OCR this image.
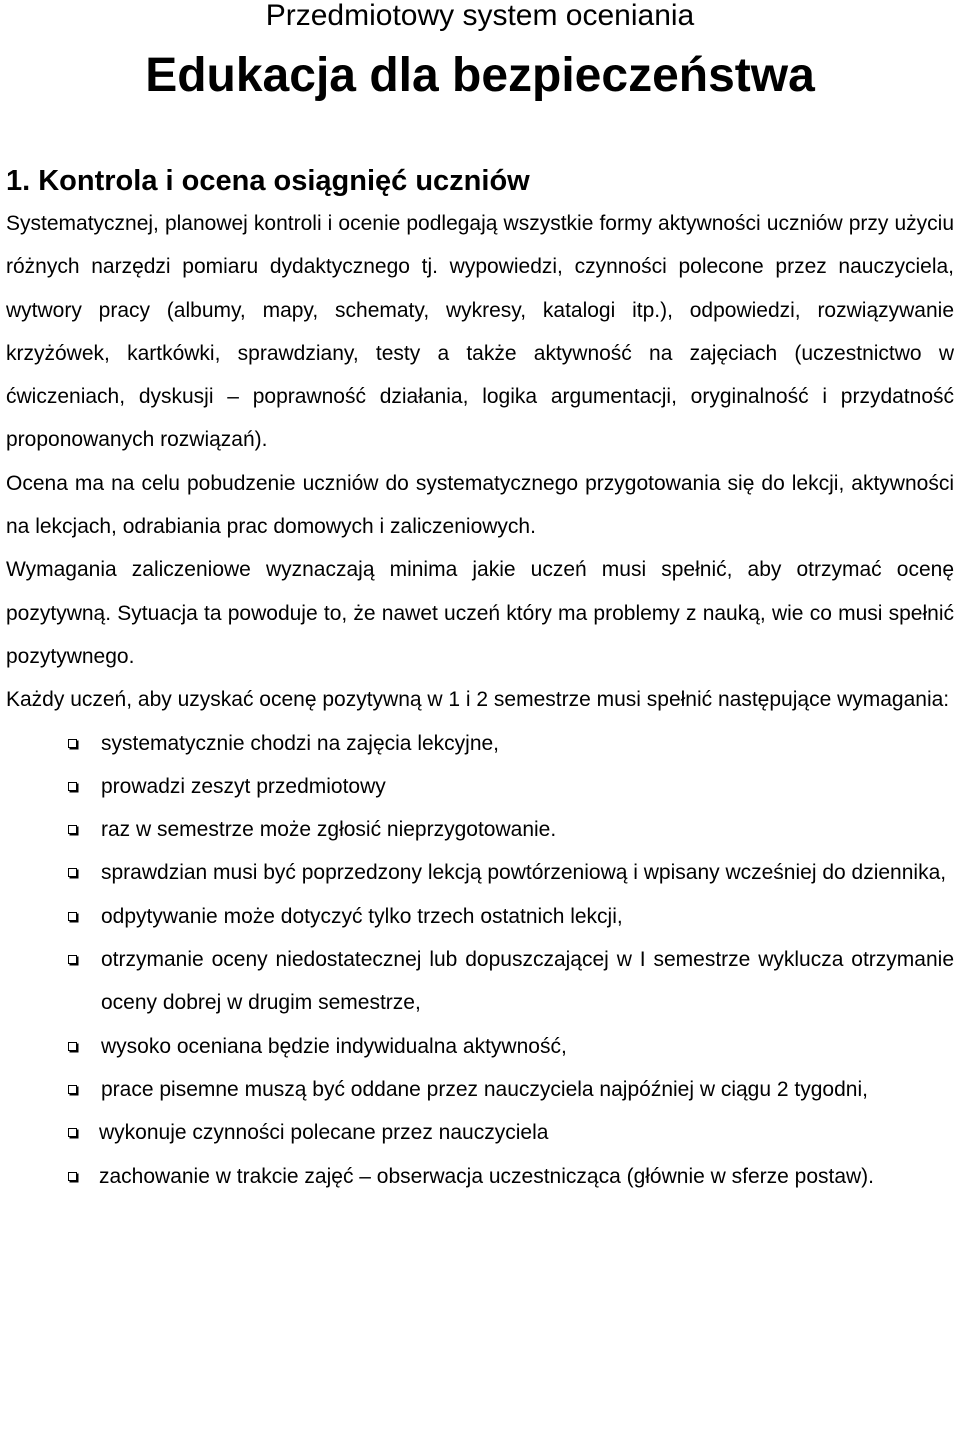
Przedmiotowy system oceniania
Edukacja dla bezpieczeństwa
1. Kontrola i ocena osiągnięć uczniów

Systematycznej, planowej kontroli i ocenie podlegają wszystkie formy aktywności uczniów przy użyciu różnych narzędzi pomiaru dydaktycznego tj. wypowiedzi, czynności polecone przez nauczyciela, wytwory pracy (albumy, mapy, schematy, wykresy, katalogi itp.), odpowiedzi, rozwiązywanie krzyżówek, kartkówki, sprawdziany, testy a także aktywność na zajęciach (uczestnictwo w ćwiczeniach, dyskusji – poprawność działania, logika argumentacji, oryginalność i przydatność proponowanych rozwiązań).

Ocena ma na celu pobudzenie uczniów do systematycznego przygotowania się do lekcji, aktywności na lekcjach, odrabiania prac domowych i zaliczeniowych.

Wymagania zaliczeniowe wyznaczają minima jakie uczeń musi spełnić, aby otrzymać ocenę pozytywną. Sytuacja ta powoduje to, że nawet uczeń który ma problemy z nauką, wie co musi spełnić pozytywnego.

Każdy uczeń, aby uzyskać ocenę pozytywną w 1 i 2 semestrze musi spełnić następujące wymagania:

systematycznie chodzi na zajęcia lekcyjne,
prowadzi zeszyt przedmiotowy
raz w semestrze może zgłosić nieprzygotowanie.
sprawdzian musi być poprzedzony lekcją powtórzeniową i wpisany wcześniej do dziennika,
odpytywanie może dotyczyć tylko trzech ostatnich lekcji,
otrzymanie oceny niedostatecznej lub dopuszczającej w I semestrze wyklucza otrzymanie oceny dobrej w drugim semestrze,
wysoko oceniana będzie indywidualna aktywność,
prace pisemne muszą być oddane przez nauczyciela najpóźniej w ciągu 2 tygodni,
wykonuje czynności polecane przez nauczyciela
zachowanie w trakcie zajęć – obserwacja uczestnicząca (głównie w sferze postaw).
